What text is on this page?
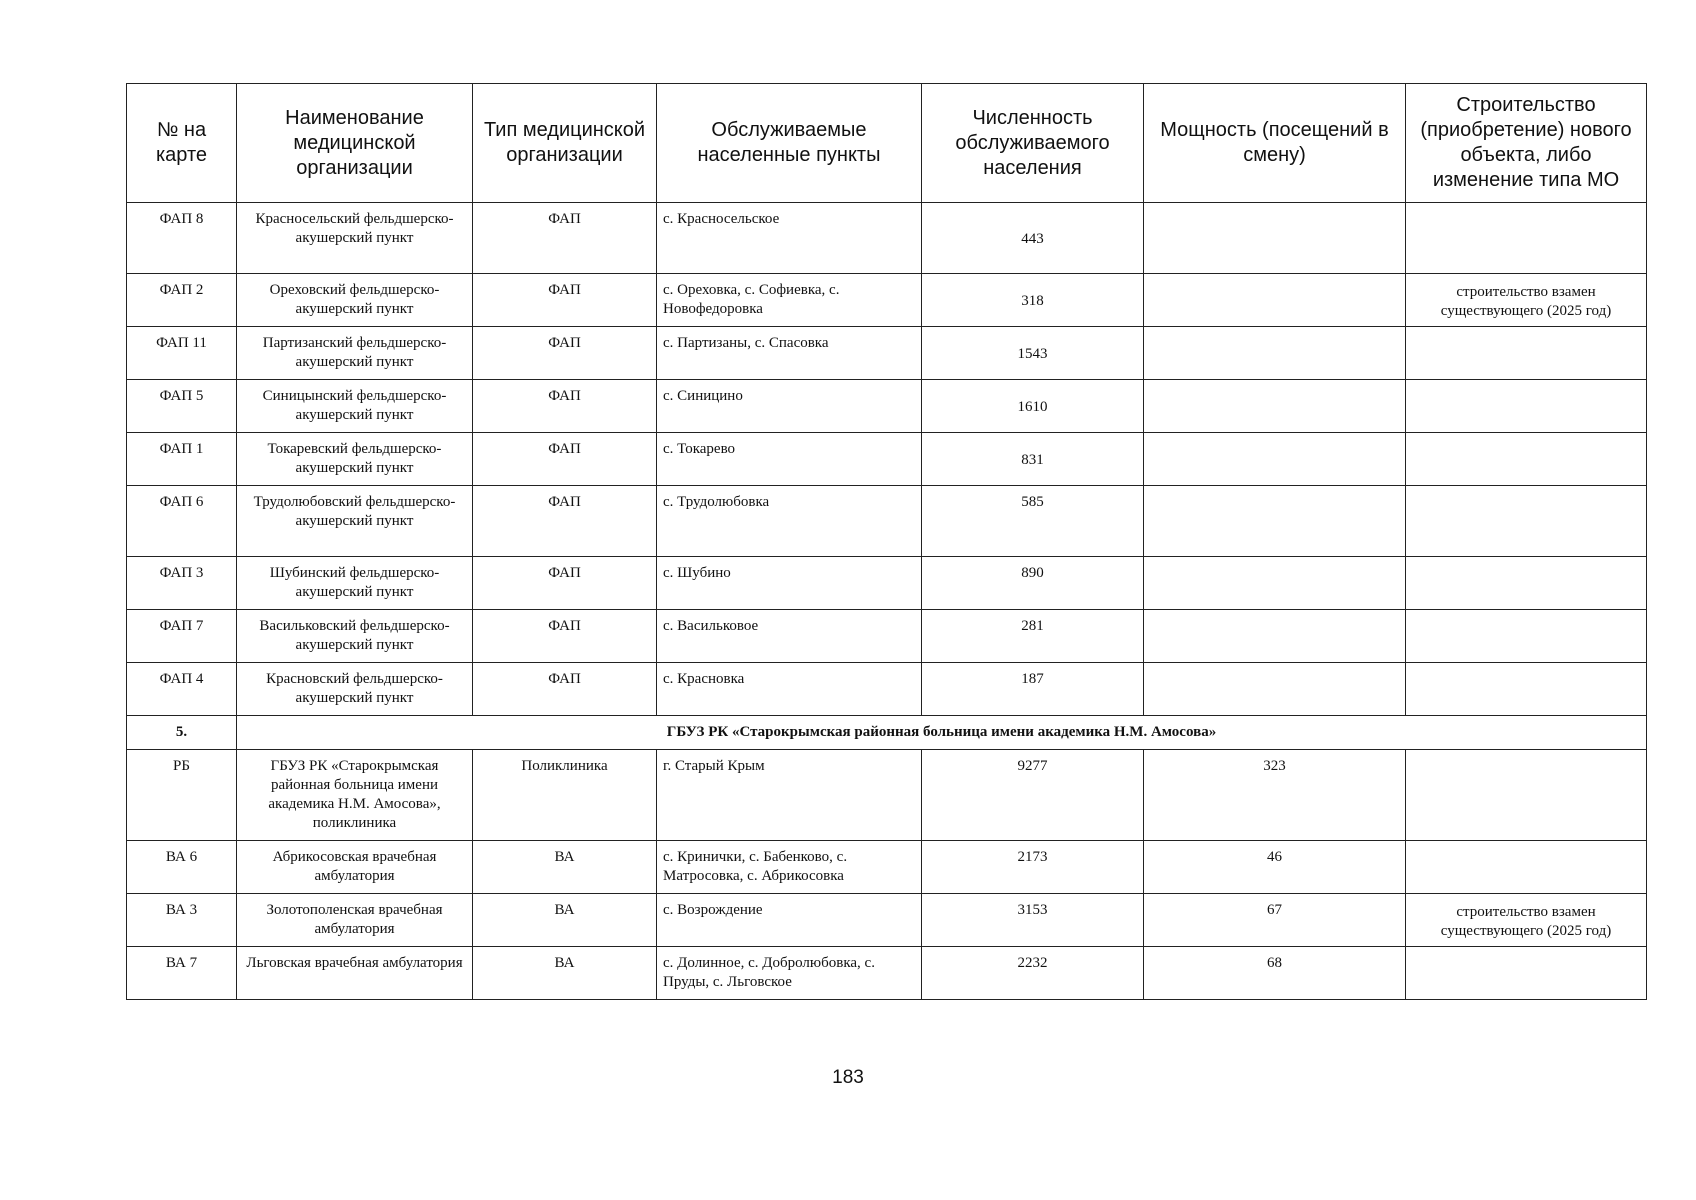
№ на карте	Наименование медицинской организации	Тип медицинской организации	Обслуживаемые населенные пункты	Численность обслуживаемого населения	Мощность (посещений в смену)	Строительство (приобретение) нового объекта, либо изменение типа МО
ФАП 8	Красносельский фельдшерско- акушерский пункт	ФАП	с. Красносельское	443		
ФАП 2	Ореховский фельдшерско-акушерский пункт	ФАП	с. Ореховка, с. Софиевка, с. Новофедоровка	318		строительство взамен существующего (2025 год)
ФАП 11	Партизанский фельдшерско-акушерский пункт	ФАП	с. Партизаны, с. Спасовка	1543		
ФАП 5	Синицынский фельдшерско-акушерский пункт	ФАП	с. Синицино	1610		
ФАП 1	Токаревский фельдшерско-акушерский пункт	ФАП	с. Токарево	831		
ФАП 6	Трудолюбовский фельдшерско- акушерский пункт	ФАП	с. Трудолюбовка	585		
ФАП 3	Шубинский фельдшерско-акушерский пункт	ФАП	с. Шубино	890		
ФАП 7	Васильковский фельдшерско-акушерский пункт	ФАП	с. Васильковое	281		
ФАП 4	Красновский фельдшерско-акушерский пункт	ФАП	с. Красновка	187		
5.	ГБУЗ РК «Старокрымская районная больница имени академика Н.М. Амосова»					
РБ	ГБУЗ РК «Старокрымская районная больница имени академика Н.М. Амосова», поликлиника	Поликлиника	г. Старый Крым	9277	323	
ВА 6	Абрикосовская врачебная амбулатория	ВА	с. Кринички, с. Бабенково, с. Матросовка, с. Абрикосовка	2173	46	
ВА 3	Золотополенская врачебная амбулатория	ВА	с. Возрождение	3153	67	строительство взамен существующего (2025 год)
ВА 7	Льговская врачебная амбулатория	ВА	с. Долинное, с. Добролюбовка, с. Пруды, с. Льговское	2232	68	
183
